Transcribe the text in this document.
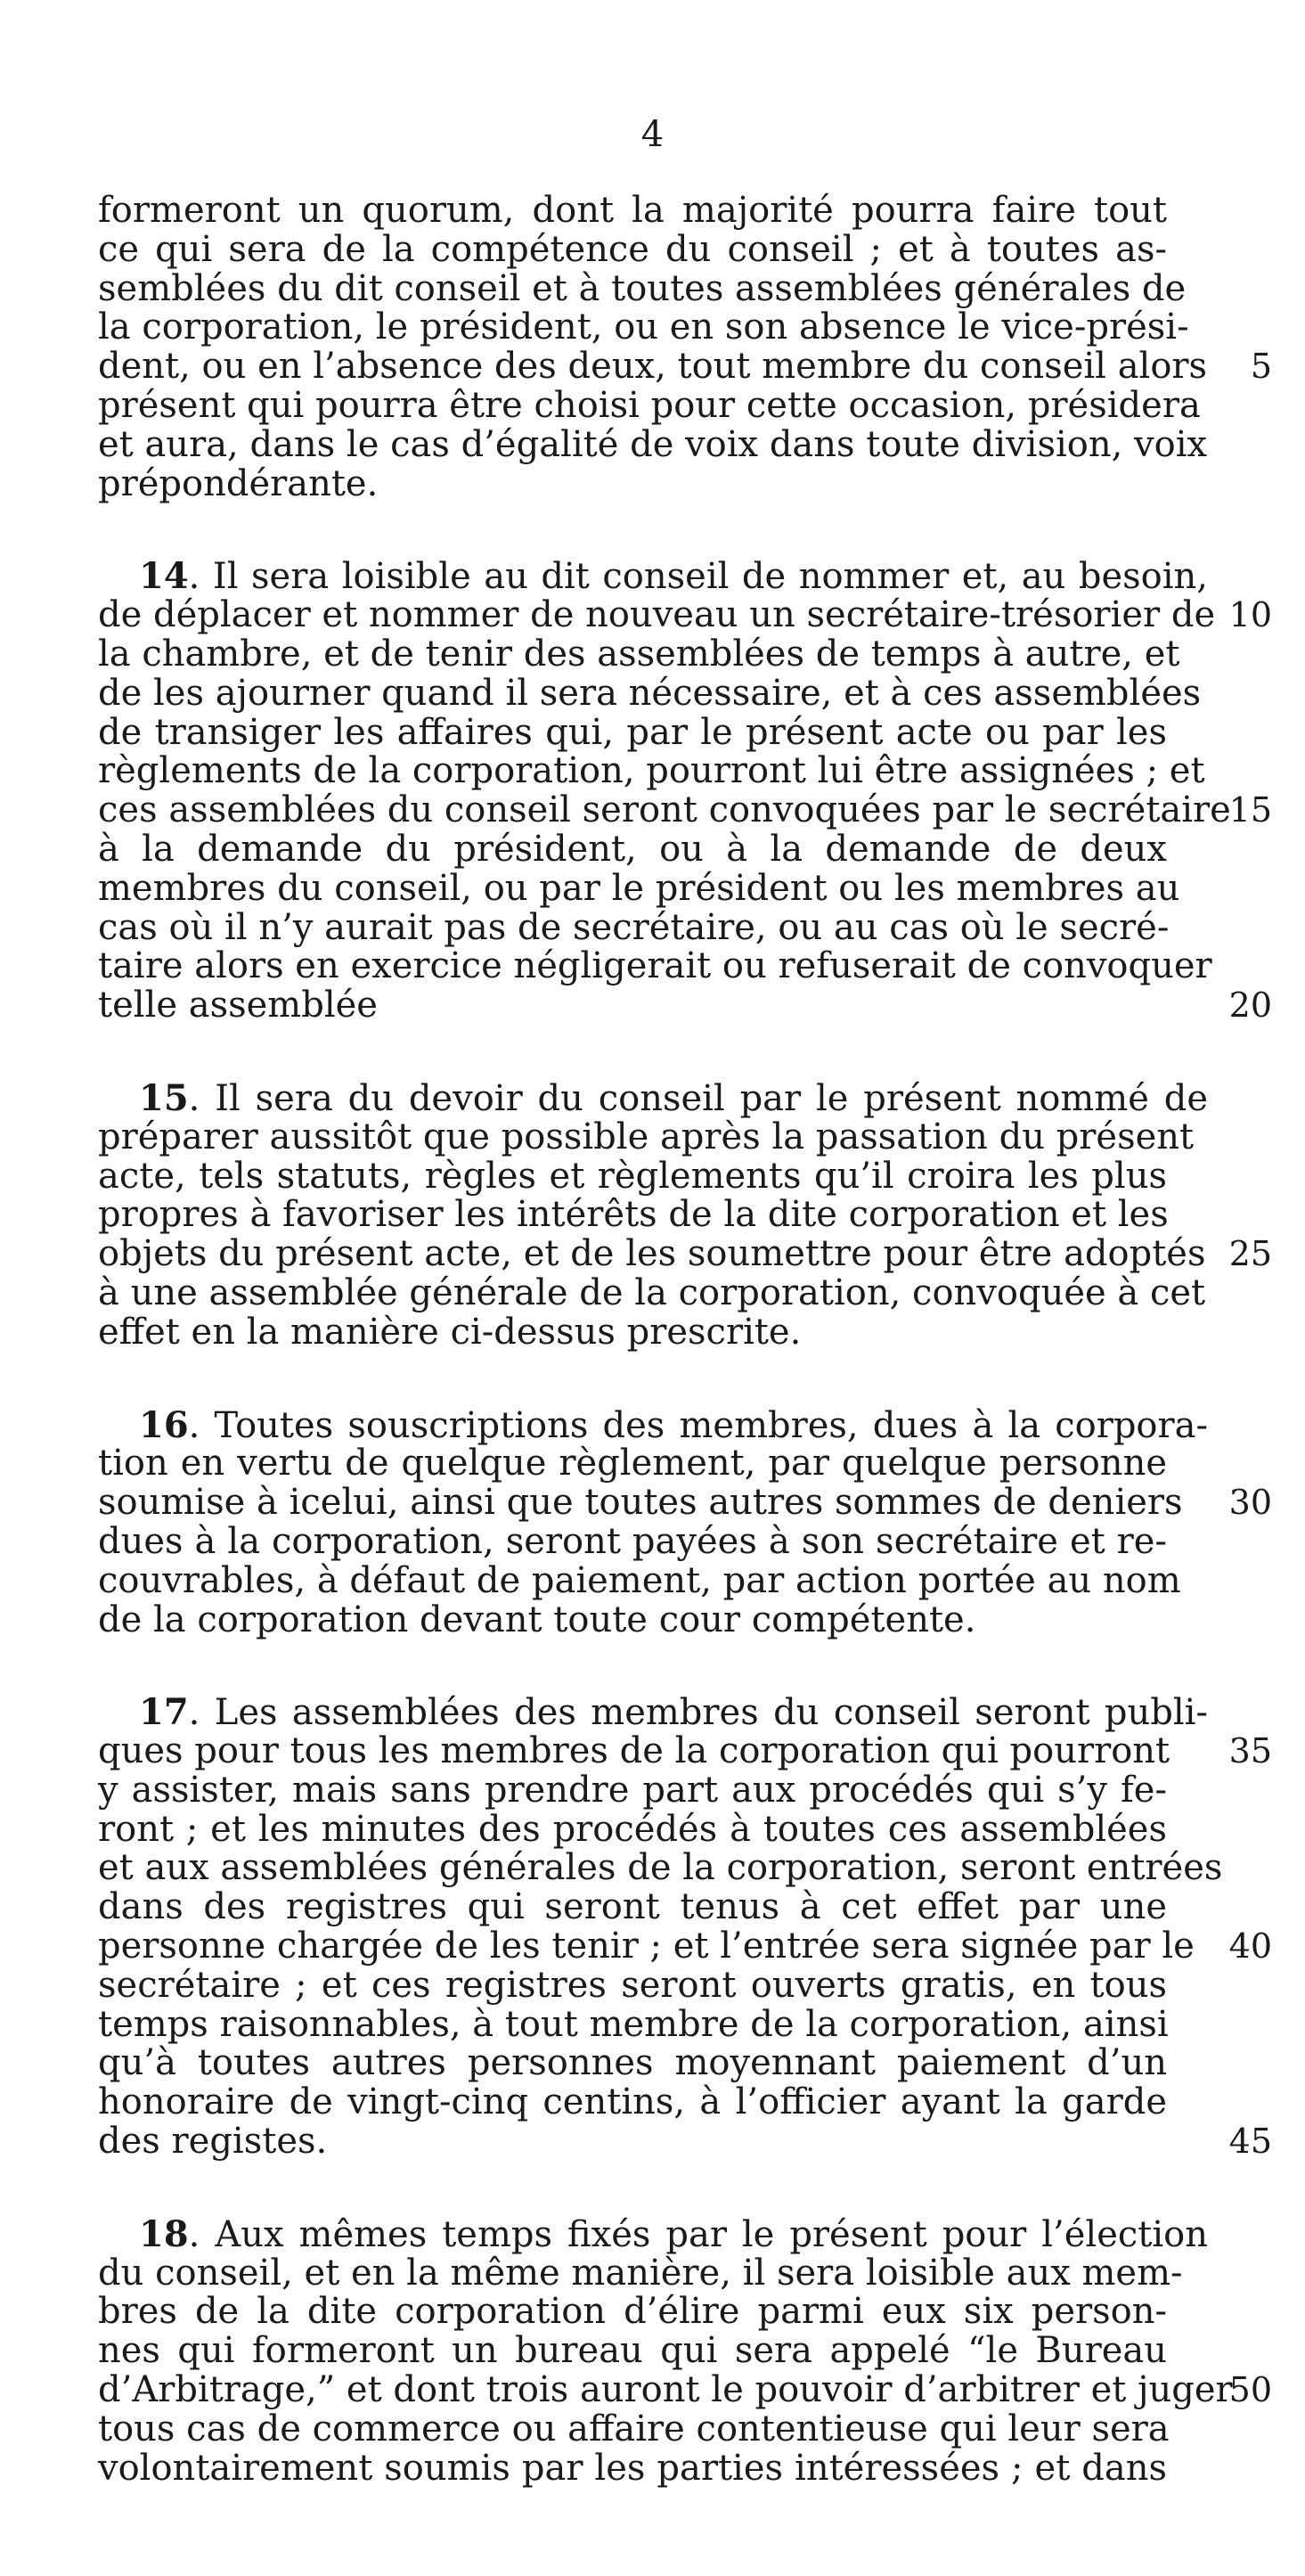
4
formeront un quorum, dont la majorité pourra faire tout
ce qui sera de la compétence du conseil ; et à toutes as-
semblées du dit conseil et à toutes assemblées générales de
la corporation, le président, ou en son absence le vice-prési-
dent, ou en l’absence des deux, tout membre du conseil alors	5
présent qui pourra être choisi pour cette occasion, présidera
et aura, dans le cas d’égalité de voix dans toute division, voix
prépondérante.
14. Il sera loisible au dit conseil de nommer et, au besoin,
de déplacer et nommer de nouveau un secrétaire-trésorier de 10
la chambre, et de tenir des assemblées de temps à autre, et
de les ajourner quand il sera nécessaire, et à ces assemblées
de transiger les affaires qui, par le présent acte ou par les
règlements de la corporation, pourront lui être assignées ; et
ces assemblées du conseil seront convoquées par le secrétaire
15
à la demande du président, ou à la demande de deux
membres du conseil, ou par le président ou les membres au
cas où il n’y aurait pas de secrétaire, ou au cas où le secré-
taire alors en exercice négligerait ou refuserait de convoquer
telle assemblée	20
15. Il sera du devoir du conseil par le présent nommé de
préparer aussitôt que possible après la passation du présent
acte, tels statuts, règles et règlements qu’il croira les plus
propres à favoriser les intérêts de la dite corporation et les
objets du présent acte, et de les soumettre pour être adoptés 25
à une assemblée générale de la corporation, convoquée à cet
effet en la manière ci-dessus prescrite.
16. Toutes souscriptions des membres, dues à la corpora-
tion en vertu de quelque règlement, par quelque personne
soumise à icelui, ainsi que toutes autres sommes de deniers	30
dues à la corporation, seront payées à son secrétaire et re-
couvrables, à défaut de paiement, par action portée au nom
de la corporation devant toute cour compétente.
17. Les assemblées des membres du conseil seront publi-
ques pour tous les membres de la corporation qui pourront	35
y assister, mais sans prendre part aux procédés qui s’y fe-
ront ; et les minutes des procédés à toutes ces assemblées
et aux assemblées générales de la corporation, seront entrées
dans des registres qui seront tenus à cet effet par une
personne chargée de les tenir ; et l’entrée sera signée par le	40
secrétaire ; et ces registres seront ouverts gratis, en tous
temps raisonnables, à tout membre de la corporation, ainsi
qu’à toutes autres personnes moyennant paiement d’un
honoraire de vingt-cinq centins, à l’officier ayant la garde
des registes.	45
18. Aux mêmes temps fixés par le présent pour l’élection
du conseil, et en la même manière, il sera loisible aux mem-
bres de la dite corporation d’élire parmi eux six person-
nes qui formeront un bureau qui sera appelé “le Bureau
d’Arbitrage,” et dont trois auront le pouvoir d’arbitrer et juger
50
tous cas de commerce ou affaire contentieuse qui leur sera
volontairement soumis par les parties intéressées ; et dans
